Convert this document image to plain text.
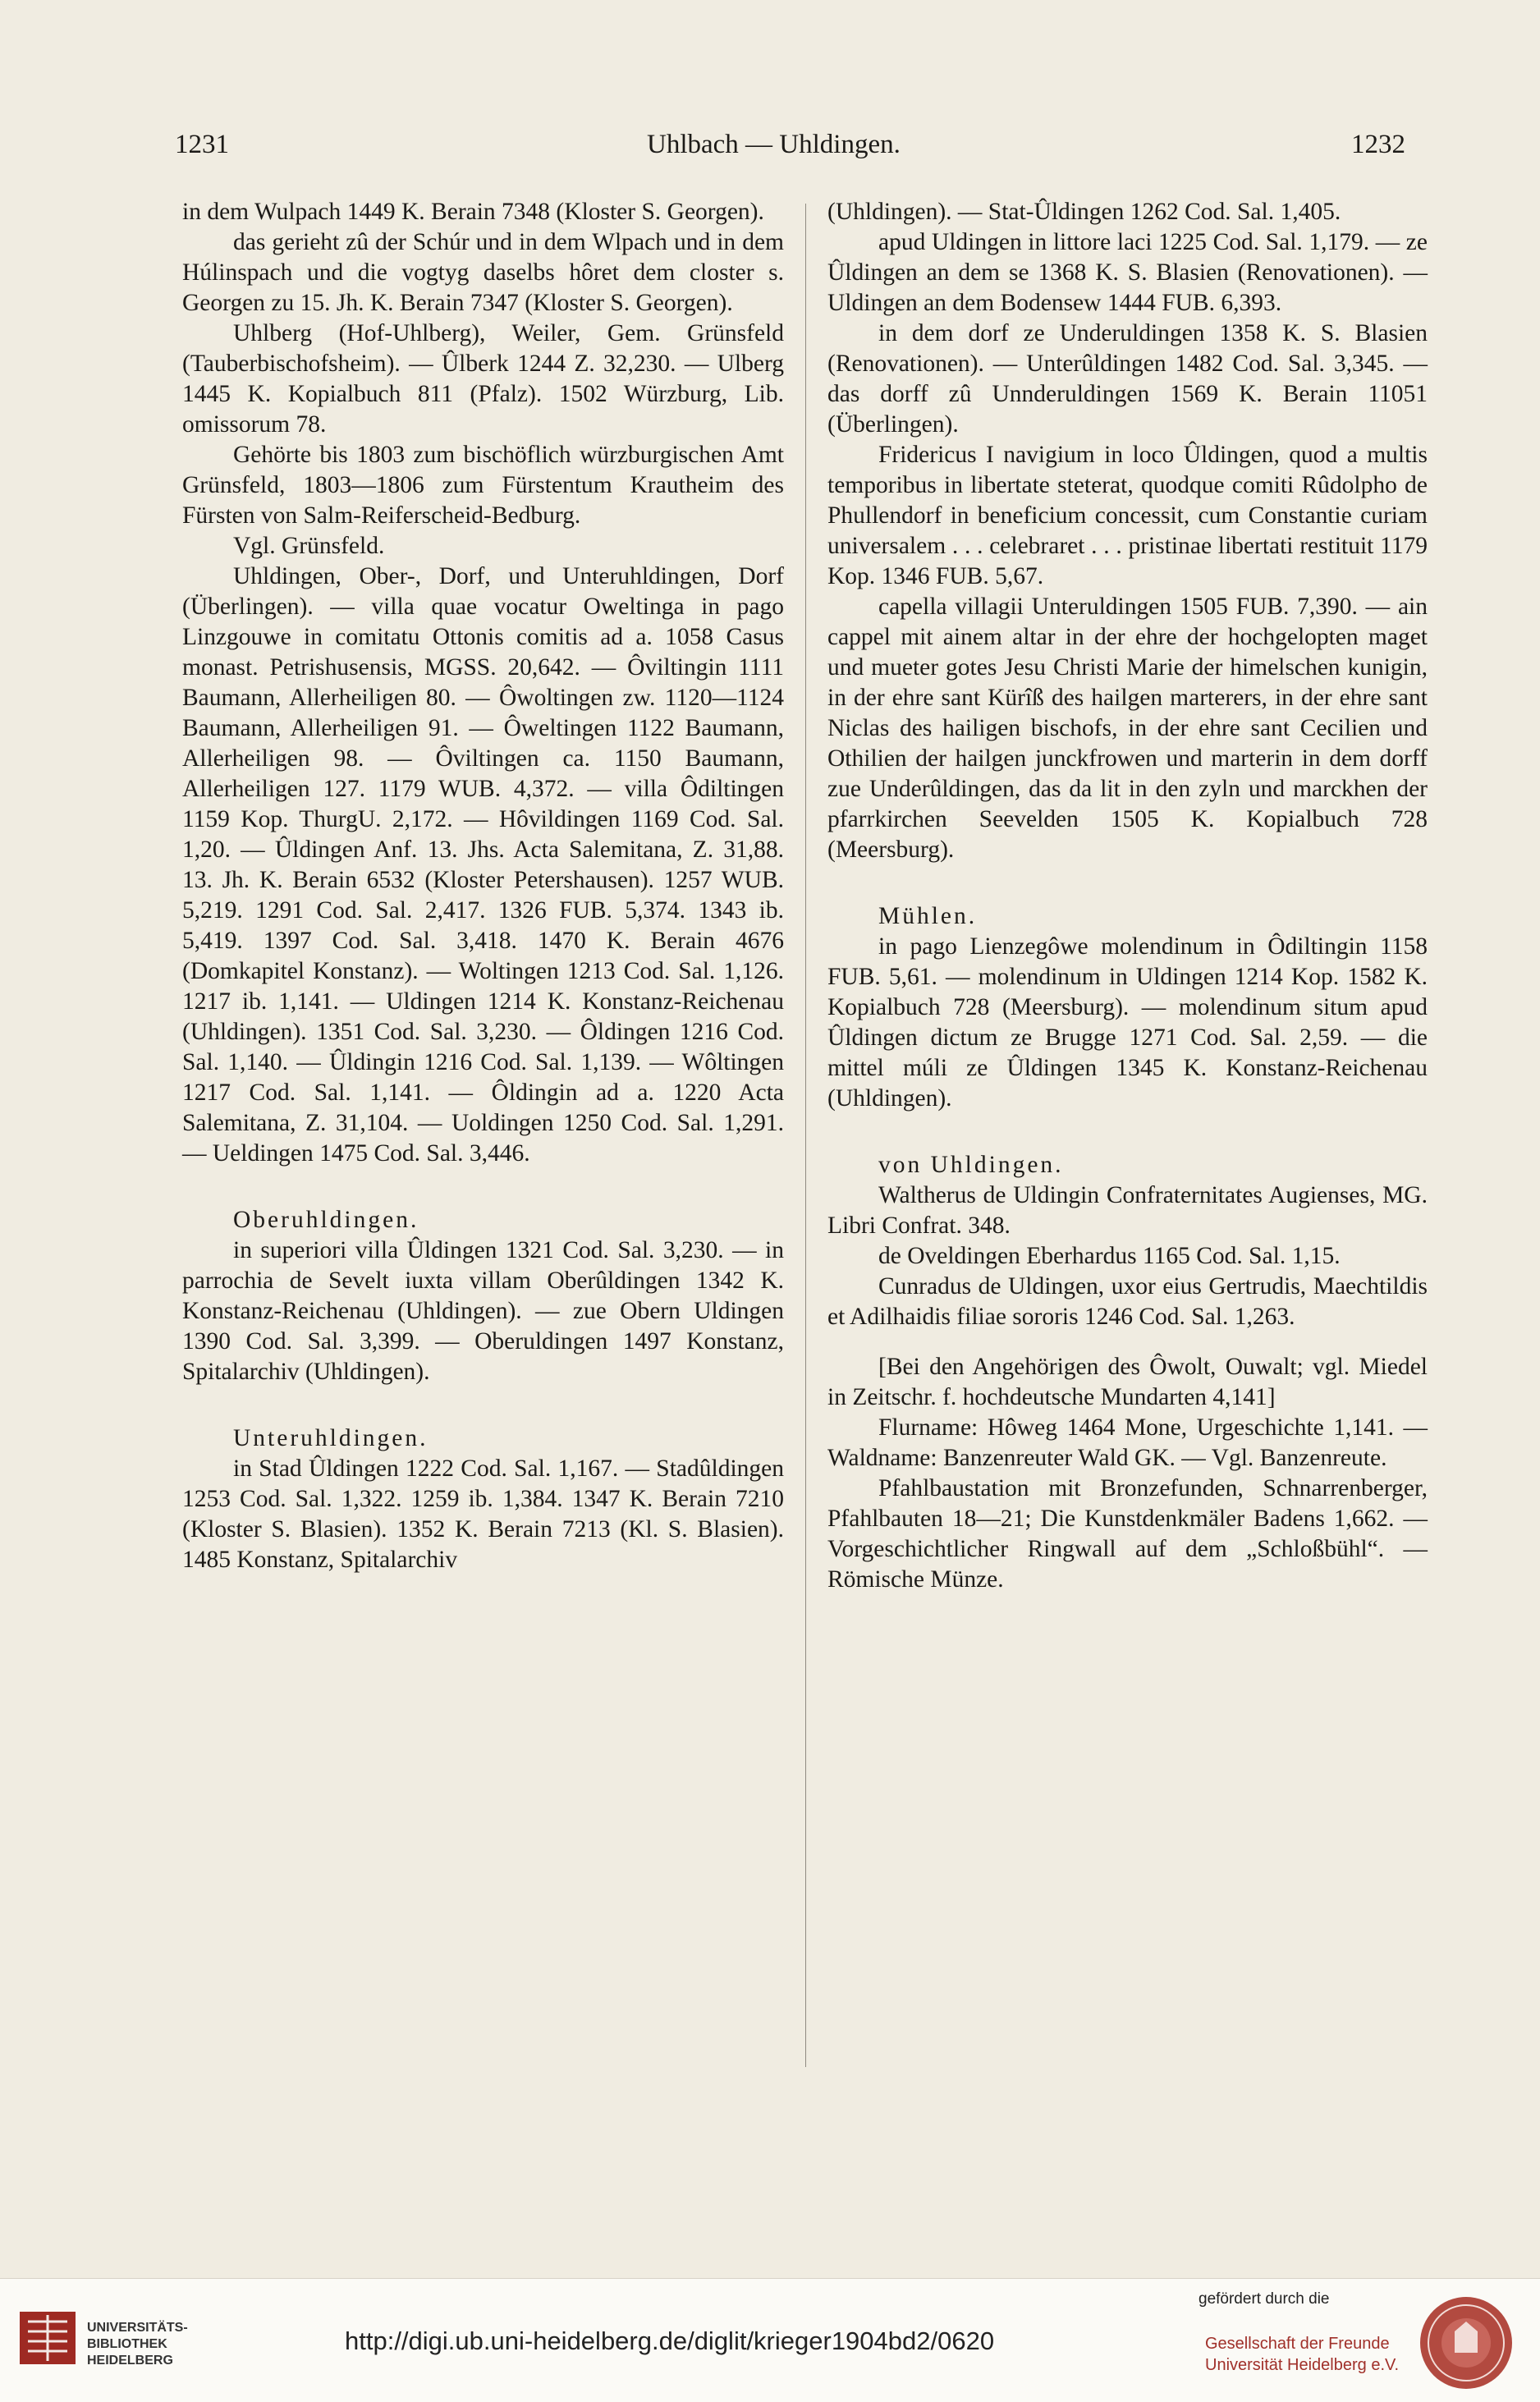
1231	Uhlbach — Uhldingen.	1232

in dem Wulpach 1449 K. Berain 7348 (Kloster S. Georgen).

das gerieht zû der Schúr und in dem Wlpach und in dem Húlinspach und die vogtyg daselbs hôret dem closter s. Georgen zu 15. Jh. K. Berain 7347 (Kloster S. Georgen).

Uhlberg (Hof-Uhlberg), Weiler, Gem. Grünsfeld (Tauberbischofsheim). — Ûlberk 1244 Z. 32,230. — Ulberg 1445 K. Kopialbuch 811 (Pfalz). 1502 Würzburg, Lib. omissorum 78.

Gehörte bis 1803 zum bischöflich würzburgischen Amt Grünsfeld, 1803—1806 zum Fürstentum Krautheim des Fürsten von Salm-Reiferscheid-Bedburg.

Vgl. Grünsfeld.

Uhldingen, Ober-, Dorf, und Unteruhldingen, Dorf (Überlingen). — villa quae vocatur Oweltinga in pago Linzgouwe in comitatu Ottonis comitis ad a. 1058 Casus monast. Petrishusensis, MGSS. 20,642. — Ôviltingin 1111 Baumann, Allerheiligen 80. — Ôwoltingen zw. 1120—1124 Baumann, Allerheiligen 91. — Ôweltingen 1122 Baumann, Allerheiligen 98. — Ôviltingen ca. 1150 Baumann, Allerheiligen 127. 1179 WUB. 4,372. — villa Ôdiltingen 1159 Kop. ThurgU. 2,172. — Hôvildingen 1169 Cod. Sal. 1,20. — Ûldingen Anf. 13. Jhs. Acta Salemitana, Z. 31,88. 13. Jh. K. Berain 6532 (Kloster Petershausen). 1257 WUB. 5,219. 1291 Cod. Sal. 2,417. 1326 FUB. 5,374. 1343 ib. 5,419. 1397 Cod. Sal. 3,418. 1470 K. Berain 4676 (Domkapitel Konstanz). — Woltingen 1213 Cod. Sal. 1,126. 1217 ib. 1,141. — Uldingen 1214 K. Konstanz-Reichenau (Uhldingen). 1351 Cod. Sal. 3,230. — Ôldingen 1216 Cod. Sal. 1,140. — Ûldingin 1216 Cod. Sal. 1,139. — Wôltingen 1217 Cod. Sal. 1,141. — Ôldingin ad a. 1220 Acta Salemitana, Z. 31,104. — Uoldingen 1250 Cod. Sal. 1,291. — Ueldingen 1475 Cod. Sal. 3,446.

Oberuhldingen.

in superiori villa Ûldingen 1321 Cod. Sal. 3,230. — in parrochia de Sevelt iuxta villam Oberûldingen 1342 K. Konstanz-Reichenau (Uhldingen). — zue Obern Uldingen 1390 Cod. Sal. 3,399. — Oberuldingen 1497 Konstanz, Spitalarchiv (Uhldingen).

Unteruhldingen.

in Stad Ûldingen 1222 Cod. Sal. 1,167. — Stadûldingen 1253 Cod. Sal. 1,322. 1259 ib. 1,384. 1347 K. Berain 7210 (Kloster S. Blasien). 1352 K. Berain 7213 (Kl. S. Blasien). 1485 Konstanz, Spitalarchiv

(Uhldingen). — Stat-Ûldingen 1262 Cod. Sal. 1,405.

apud Uldingen in littore laci 1225 Cod. Sal. 1,179. — ze Ûldingen an dem se 1368 K. S. Blasien (Renovationen). — Uldingen an dem Bodensew 1444 FUB. 6,393.

in dem dorf ze Underuldingen 1358 K. S. Blasien (Renovationen). — Unterûldingen 1482 Cod. Sal. 3,345. — das dorff zû Unnderuldingen 1569 K. Berain 11051 (Überlingen).

Fridericus I navigium in loco Ûldingen, quod a multis temporibus in libertate steterat, quodque comiti Rûdolpho de Phullendorf in beneficium concessit, cum Constantie curiam universalem . . . celebraret . . . pristinae libertati restituit 1179 Kop. 1346 FUB. 5,67.

capella villagii Unteruldingen 1505 FUB. 7,390. — ain cappel mit ainem altar in der ehre der hochgelopten maget und mueter gotes Jesu Christi Marie der himelschen kunigin, in der ehre sant Kürîß des hailgen marterers, in der ehre sant Niclas des hailigen bischofs, in der ehre sant Cecilien und Othilien der hailgen junckfrowen und marterin in dem dorff zue Underûldingen, das da lit in den zyln und marckhen der pfarrkirchen Seevelden 1505 K. Kopialbuch 728 (Meersburg).

Mühlen.

in pago Lienzegôwe molendinum in Ôdiltingin 1158 FUB. 5,61. — molendinum in Uldingen 1214 Kop. 1582 K. Kopialbuch 728 (Meersburg). — molendinum situm apud Ûldingen dictum ze Brugge 1271 Cod. Sal. 2,59. — die mittel múli ze Ûldingen 1345 K. Konstanz-Reichenau (Uhldingen).

von Uhldingen.

Waltherus de Uldingin Confraternitates Augienses, MG. Libri Confrat. 348.

de Oveldingen Eberhardus 1165 Cod. Sal. 1,15.

Cunradus de Uldingen, uxor eius Gertrudis, Maechtildis et Adilhaidis filiae sororis 1246 Cod. Sal. 1,263.

[Bei den Angehörigen des Ôwolt, Ouwalt; vgl. Miedel in Zeitschr. f. hochdeutsche Mundarten 4,141]

Flurname: Hôweg 1464 Mone, Urgeschichte 1,141. — Waldname: Banzenreuter Wald GK. — Vgl. Banzenreute.

Pfahlbaustation mit Bronzefunden, Schnarrenberger, Pfahlbauten 18—21; Die Kunstdenkmäler Badens 1,662. — Vorgeschichtlicher Ringwall auf dem „Schloßbühl“. — Römische Münze.

UNIVERSITÄTS-
BIBLIOTHEK
HEIDELBERG
http://digi.ub.uni-heidelberg.de/diglit/krieger1904bd2/0620
gefördert durch die
Gesellschaft der Freunde
Universität Heidelberg e.V.
